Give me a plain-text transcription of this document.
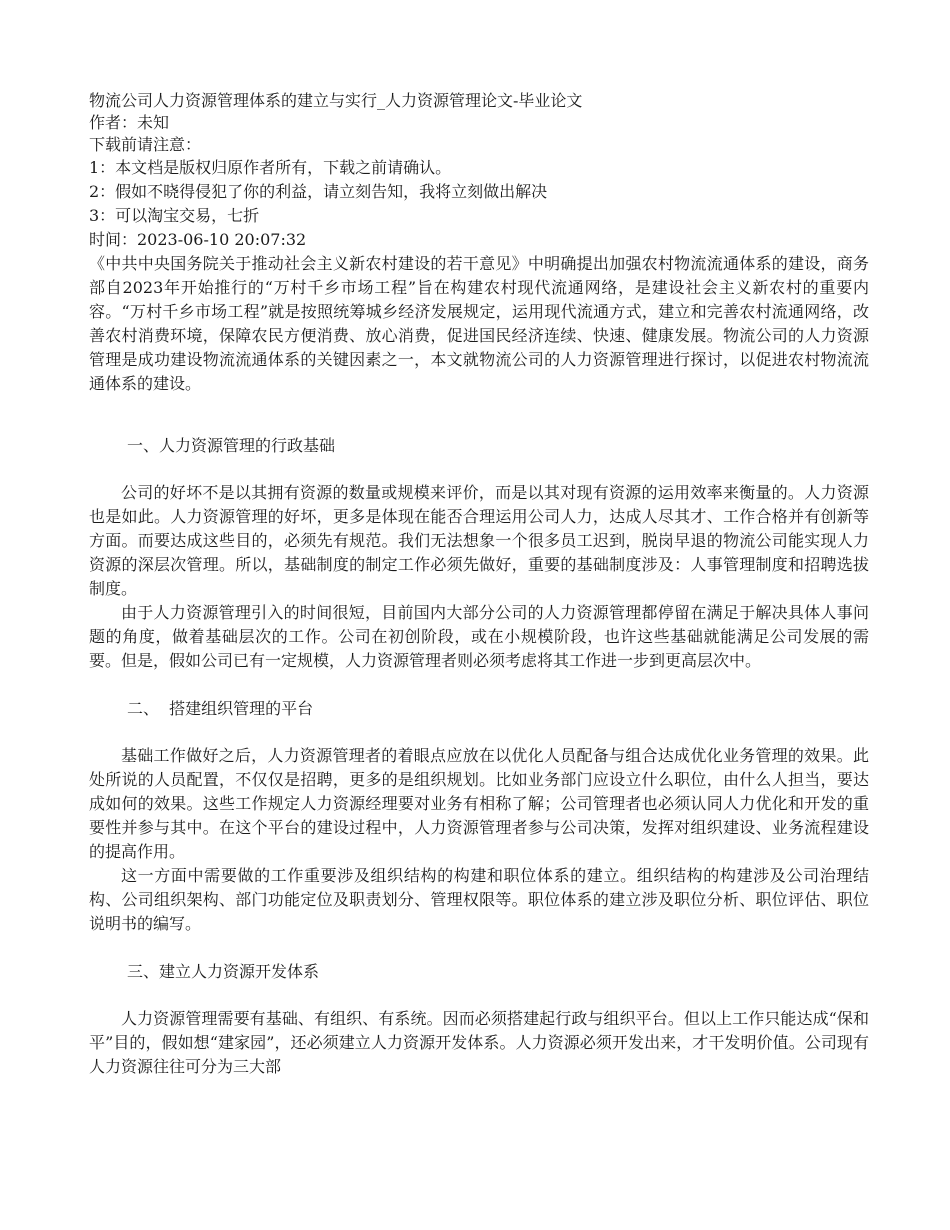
物流公司人力资源管理体系的建立与实行_人力资源管理论文-毕业论文

作者：未知

下载前请注意：

1：本文档是版权归原作者所有，下载之前请确认。

2：假如不晓得侵犯了你的利益，请立刻告知，我将立刻做出解决

3：可以淘宝交易，七折

时间：2023-06-10 20:07:32

《中共中央国务院关于推动社会主义新农村建设的若干意见》中明确提出加强农村物流流通体系的建设，商务部自2023年开始推行的“万村千乡市场工程”旨在构建农村现代流通网络，是建设社会主义新农村的重要内容。“万村千乡市场工程”就是按照统筹城乡经济发展规定，运用现代流通方式，建立和完善农村流通网络，改善农村消费环境，保障农民方便消费、放心消费，促进国民经济连续、快速、健康发展。物流公司的人力资源管理是成功建设物流流通体系的关键因素之一，本文就物流公司的人力资源管理进行探讨，以促进农村物流流通体系的建设。

一、人力资源管理的行政基础

公司的好坏不是以其拥有资源的数量或规模来评价，而是以其对现有资源的运用效率来衡量的。人力资源也是如此。人力资源管理的好坏，更多是体现在能否合理运用公司人力，达成人尽其才、工作合格并有创新等方面。而要达成这些目的，必须先有规范。我们无法想象一个很多员工迟到，脱岗早退的物流公司能实现人力资源的深层次管理。所以，基础制度的制定工作必须先做好，重要的基础制度涉及：人事管理制度和招聘选拔制度。

由于人力资源管理引入的时间很短，目前国内大部分公司的人力资源管理都停留在满足于解决具体人事问题的角度，做着基础层次的工作。公司在初创阶段，或在小规模阶段，也许这些基础就能满足公司发展的需要。但是，假如公司已有一定规模，人力资源管理者则必须考虑将其工作进一步到更高层次中。

二、  搭建组织管理的平台

基础工作做好之后，人力资源管理者的着眼点应放在以优化人员配备与组合达成优化业务管理的效果。此处所说的人员配置，不仅仅是招聘，更多的是组织规划。比如业务部门应设立什么职位，由什么人担当，要达成如何的效果。这些工作规定人力资源经理要对业务有相称了解；公司管理者也必须认同人力优化和开发的重要性并参与其中。在这个平台的建设过程中，人力资源管理者参与公司决策，发挥对组织建设、业务流程建设的提高作用。

这一方面中需要做的工作重要涉及组织结构的构建和职位体系的建立。组织结构的构建涉及公司治理结构、公司组织架构、部门功能定位及职责划分、管理权限等。职位体系的建立涉及职位分析、职位评估、职位说明书的编写。

三、建立人力资源开发体系

人力资源管理需要有基础、有组织、有系统。因而必须搭建起行政与组织平台。但以上工作只能达成“保和平”目的，假如想“建家园”，还必须建立人力资源开发体系。人力资源必须开发出来，才干发明价值。公司现有人力资源往往可分为三大部
